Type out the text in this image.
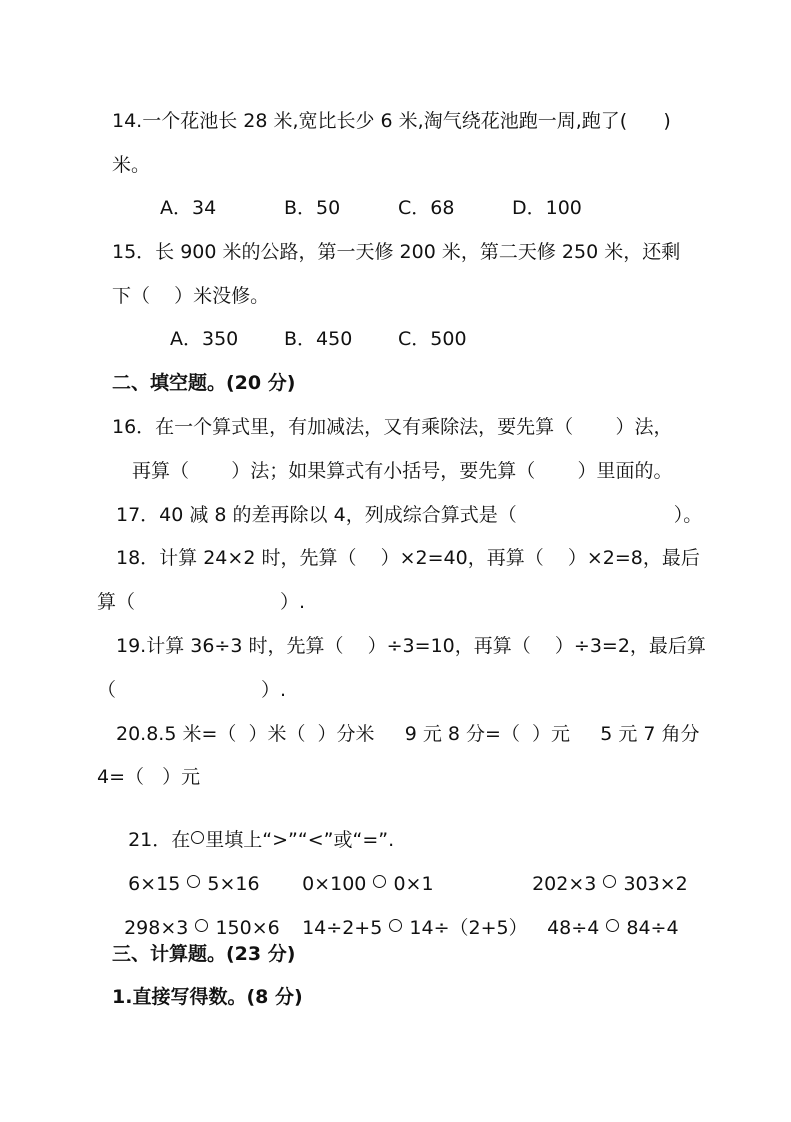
14.一个花池长 28 米,宽比长少 6 米,淘气绕花池跑一周,跑了(      )
米。
A．34	B．50	C．68	D．100
15．长 900 米的公路，第一天修 200 米，第二天修 250 米，还剩
下（    ）米没修。
A．350 B．450 C．500
二、填空题。(20 分)
16．在一个算式里，有加减法，又有乘除法，要先算（       ）法，
再算（       ）法；如果算式有小括号，要先算（       ）里面的。
17．40 减 8 的差再除以 4，列成综合算式是（                          ）。
18．计算 24×2 时，先算（    ）×2=40，再算（    ）×2=8，最后
算（                        ）.
19.计算 36÷3 时，先算（    ）÷3=10，再算（    ）÷3=2，最后算
（                        ）.
20.8.5 米=（  ）米（  ）分米     9 元 8 分=（  ）元     5 元 7 角分
4=（   ）元

21．在 里填上“>”“<”或“=”.

6×15 5×16	0×100 0×1	202×3 303×2

298×3 150×6	14÷2+5 14÷（2+5）	48÷4 84÷4

三、计算题。(23 分)
1.直接写得数。(8 分)
